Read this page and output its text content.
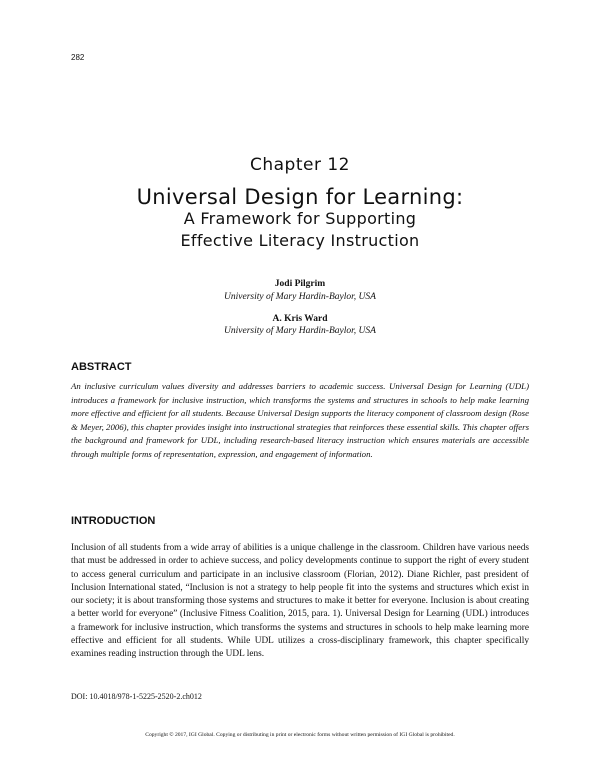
282
Chapter 12
Universal Design for Learning:
A Framework for Supporting
Effective Literacy Instruction
Jodi Pilgrim
University of Mary Hardin-Baylor, USA
A. Kris Ward
University of Mary Hardin-Baylor, USA
ABSTRACT

An inclusive curriculum values diversity and addresses barriers to academic success. Universal Design for Learning (UDL) introduces a framework for inclusive instruction, which transforms the systems and structures in schools to help make learning more effective and efficient for all students. Because Universal Design supports the literacy component of classroom design (Rose & Meyer, 2006), this chapter provides insight into instructional strategies that reinforces these essential skills. This chapter offers the background and framework for UDL, including research-based literacy instruction which ensures materials are accessible through multiple forms of representation, expression, and engagement of information.

INTRODUCTION

Inclusion of all students from a wide array of abilities is a unique challenge in the classroom. Children have various needs that must be addressed in order to achieve success, and policy developments continue to support the right of every student to access general curriculum and participate in an inclusive classroom (Florian, 2012). Diane Richler, past president of Inclusion International stated, “Inclusion is not a strategy to help people fit into the systems and structures which exist in our society; it is about transforming those systems and structures to make it better for everyone. Inclusion is about creating a better world for everyone” (Inclusive Fitness Coalition, 2015, para. 1). Universal Design for Learning (UDL) introduces a framework for inclusive instruction, which transforms the systems and structures in schools to help make learning more effective and efficient for all students. While UDL utilizes a cross-disciplinary framework, this chapter specifically examines reading instruction through the UDL lens.

DOI: 10.4018/978-1-5225-2520-2.ch012
Copyright © 2017, IGI Global. Copying or distributing in print or electronic forms without written permission of IGI Global is prohibited.
